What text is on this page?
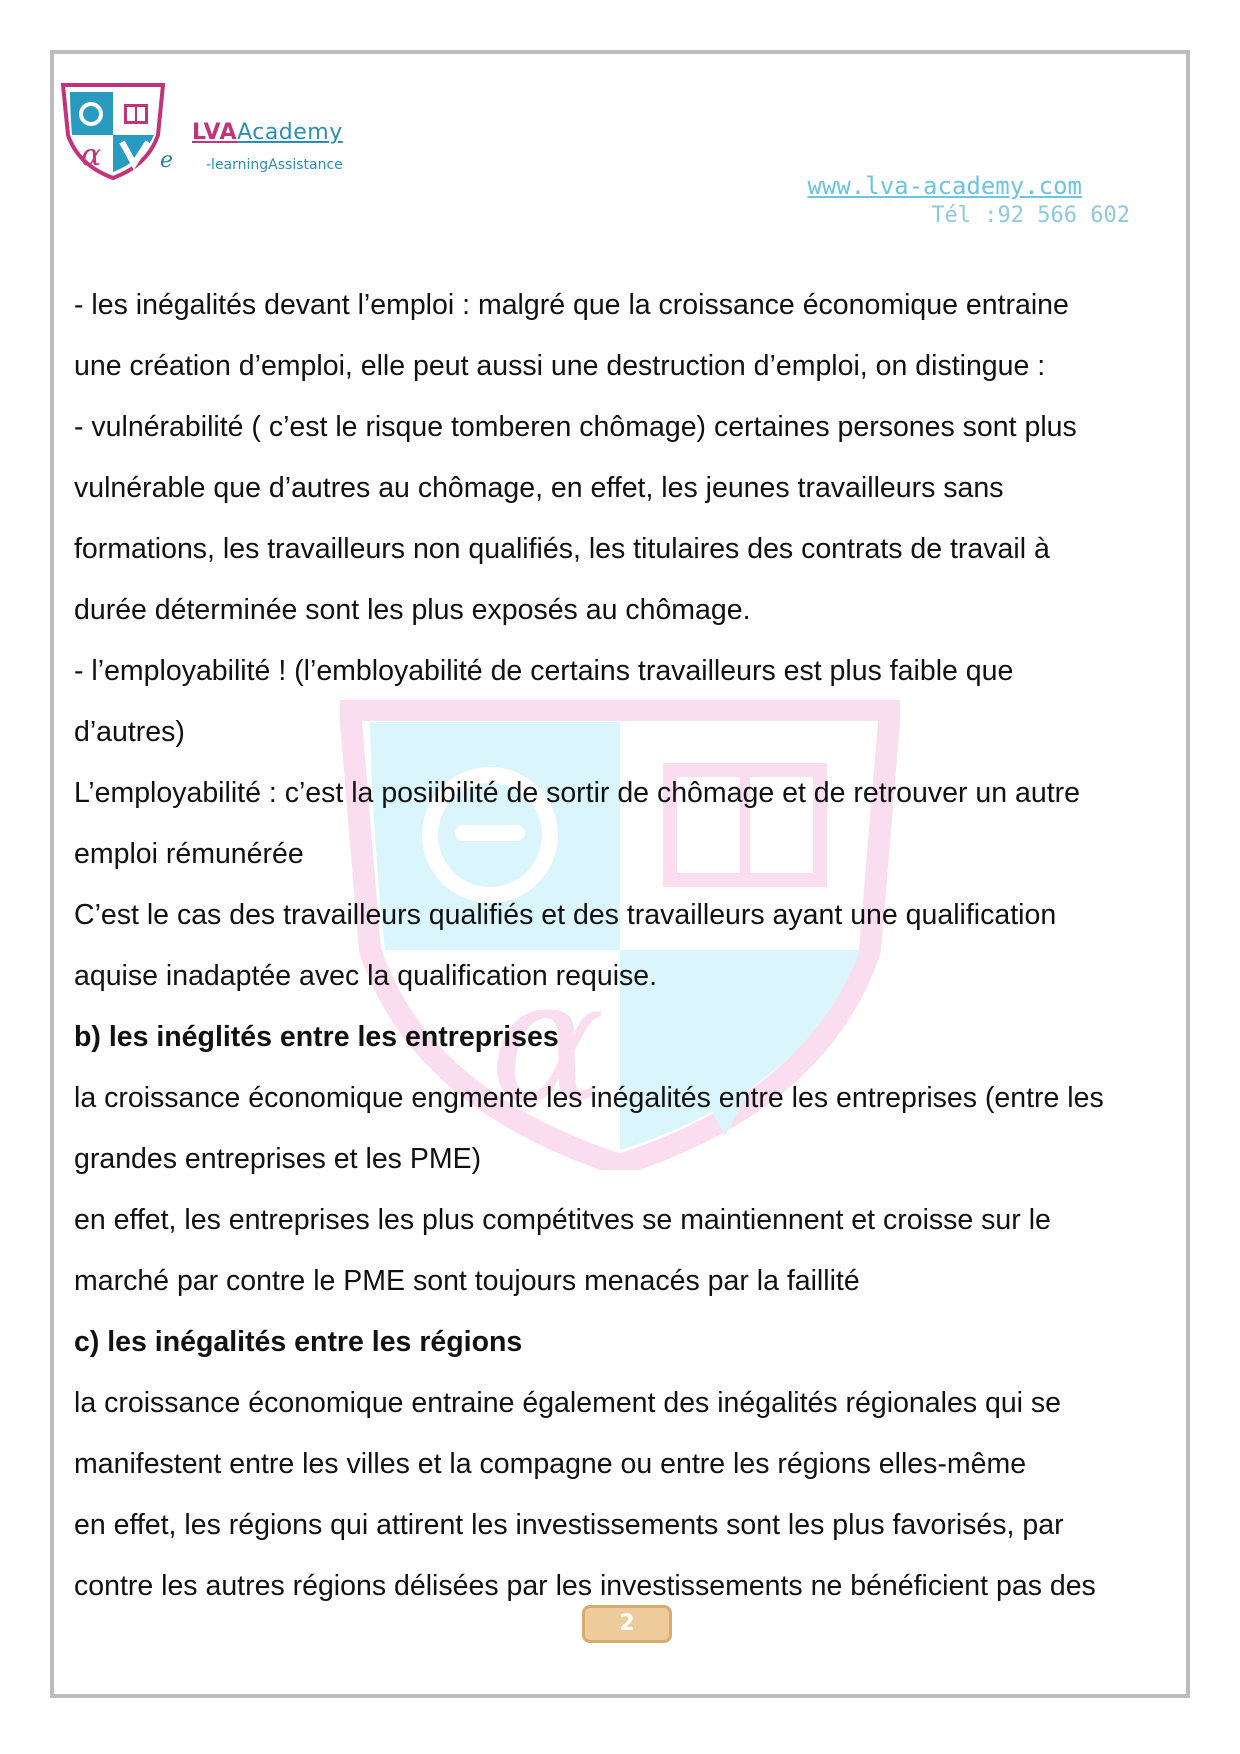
α	e
LVAAcademy
-learningAssistance
www.lva-academy.com
Tél :92 566 602
α
- les inégalités devant l’emploi : malgré que la croissance économique entraine
une création d’emploi, elle peut aussi une destruction d’emploi, on distingue :
- vulnérabilité ( c’est le risque tomberen chômage) certaines persones sont plus
vulnérable que d’autres au chômage, en effet, les jeunes travailleurs sans
formations, les travailleurs non qualifiés, les titulaires des contrats de travail à
durée déterminée sont les plus exposés au chômage.
- l’employabilité ! (l’embloyabilité de certains travailleurs est plus faible que
d’autres)
L’employabilité : c’est la posiibilité de sortir de chômage et de retrouver un autre
emploi rémunérée
C’est le cas des travailleurs qualifiés et des travailleurs ayant une qualification
aquise inadaptée avec la qualification requise.
b) les inéglités entre les entreprises
la croissance économique engmente les inégalités entre les entreprises (entre les
grandes entreprises et les PME)
en effet, les entreprises les plus compétitves se maintiennent et croisse sur le
marché par contre le PME sont toujours menacés par la faillité
c) les inégalités entre les régions
la croissance économique entraine également des inégalités régionales qui se
manifestent entre les villes et la compagne ou entre les régions elles-même
en effet, les régions qui attirent les investissements sont les plus favorisés, par
contre les autres régions délisées par les investissements ne bénéficient pas des
2
